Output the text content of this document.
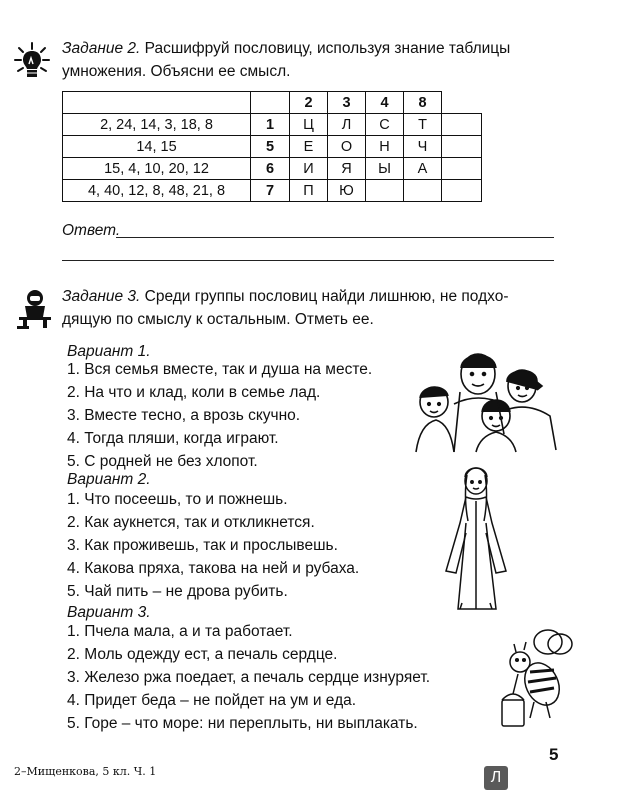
Задание 2. Расшифруй пословицу, используя знание таблицы
умножения. Объясни ее смысл.
		2	3	4	8	
2, 24, 14, 3, 18, 8	1	Ц	Л	С	Т	
14, 15	5	Е	О	Н	Ч	
15, 4, 10, 20, 12	6	И	Я	Ы	А	
4, 40, 12, 8, 48, 21, 8	7	П	Ю			
Ответ.
Задание 3. Среди группы пословиц найди лишнюю, не подхо-
дящую по смыслу к остальным. Отметь ее.
Вариант 1.
1. Вся семья вместе, так и душа на месте.
2. На что и клад, коли в семье лад.
3. Вместе тесно, а врозь скучно.
4. Тогда пляши, когда играют.
5. С родней не без хлопот.
Вариант 2.
1. Что посеешь, то и пожнешь.
2. Как аукнется, так и откликнется.
3. Как проживешь, так и прослывешь.
4. Какова пряха, такова на ней и рубаха.
5. Чай пить – не дрова рубить.
Вариант 3.
1. Пчела мала, а и та работает.
2. Моль одежду ест, а печаль сердце.
3. Железо ржа поедает, а печаль сердце изнуряет.
4. Придет беда – не пойдет на ум и еда.
5. Горе – что море: ни переплыть, ни выплакать.
2–Мищенкова, 5 кл. Ч. 1
5
Л
